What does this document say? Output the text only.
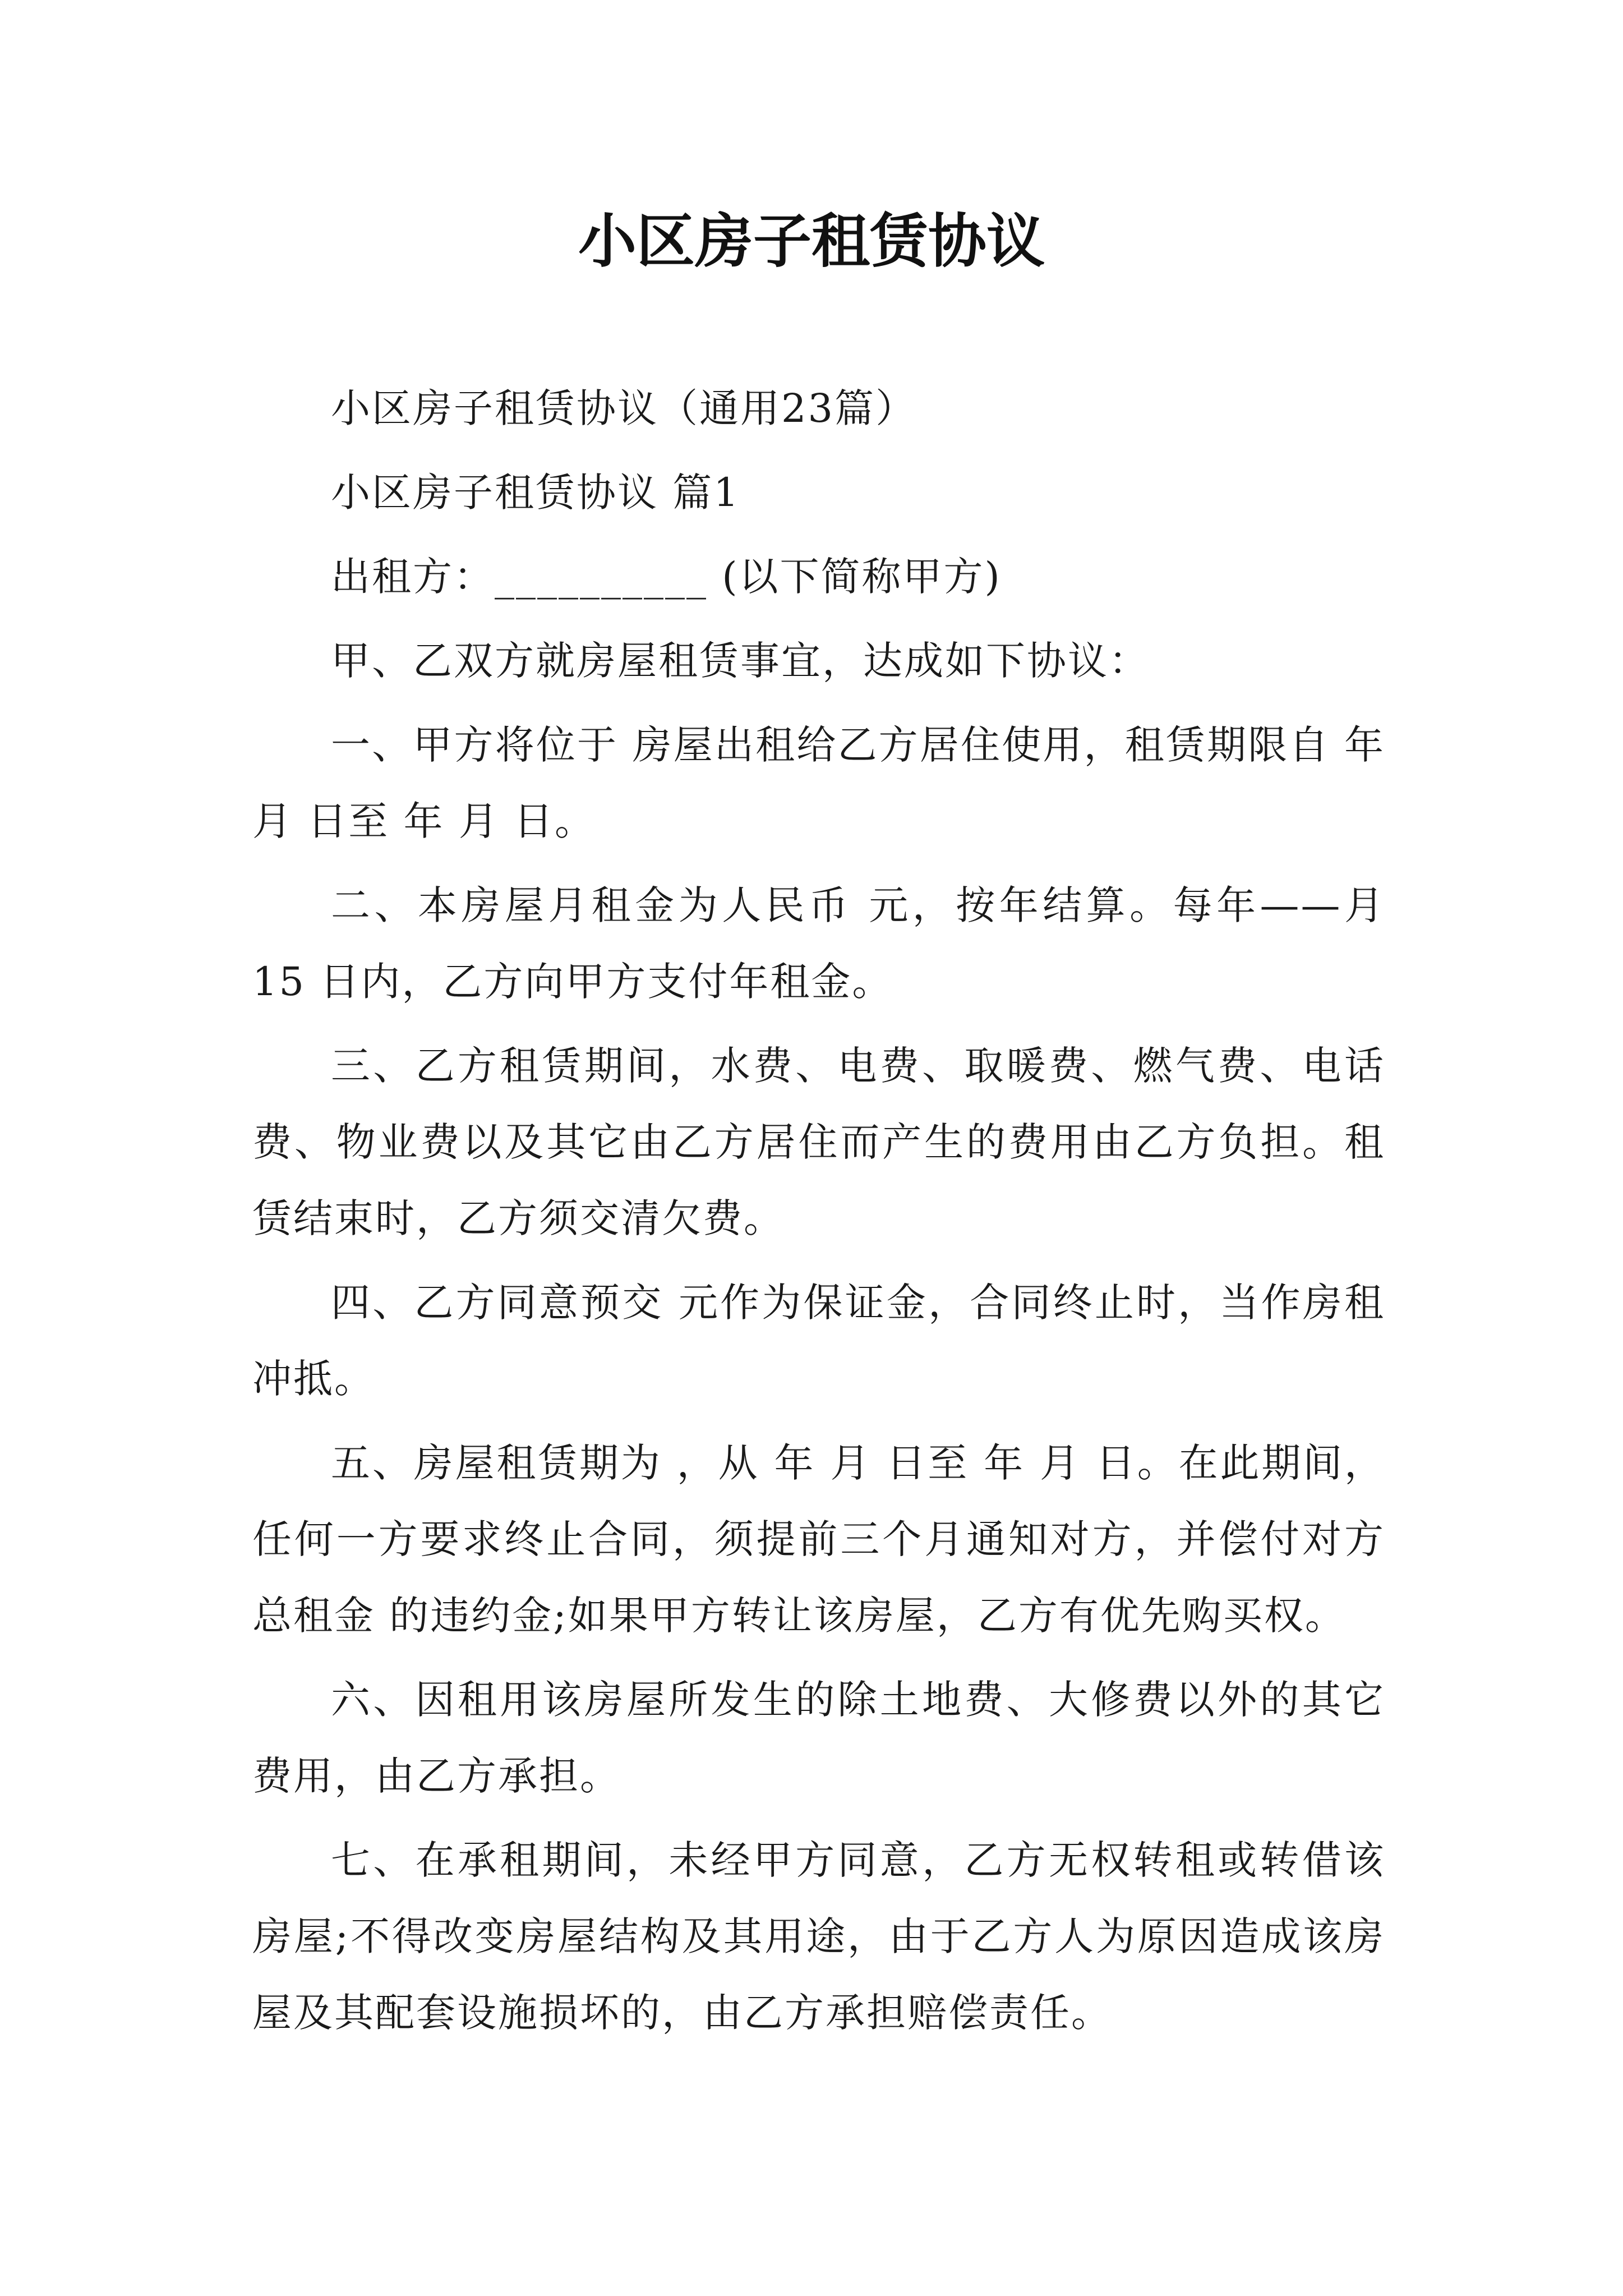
小区房子租赁协议

小区房子租赁协议（通用23篇）

小区房子租赁协议 篇1

出租方：__________ (以下简称甲方)

甲、乙双方就房屋租赁事宜，达成如下协议：

一、甲方将位于 房屋出租给乙方居住使用，租赁期限自 年 月 日至 年 月 日。

二、本房屋月租金为人民币 元，按年结算。每年——月 15 日内，乙方向甲方支付年租金。

三、乙方租赁期间，水费、电费、取暖费、燃气费、电话费、物业费以及其它由乙方居住而产生的费用由乙方负担。租赁结束时，乙方须交清欠费。

四、乙方同意预交 元作为保证金，合同终止时，当作房租冲抵。

五、房屋租赁期为 ，从 年 月 日至 年 月 日。在此期间，任何一方要求终止合同，须提前三个月通知对方，并偿付对方总租金 的违约金;如果甲方转让该房屋，乙方有优先购买权。

六、因租用该房屋所发生的除土地费、大修费以外的其它费用，由乙方承担。

七、在承租期间，未经甲方同意，乙方无权转租或转借该房屋;不得改变房屋结构及其用途，由于乙方人为原因造成该房屋及其配套设施损坏的，由乙方承担赔偿责任。
